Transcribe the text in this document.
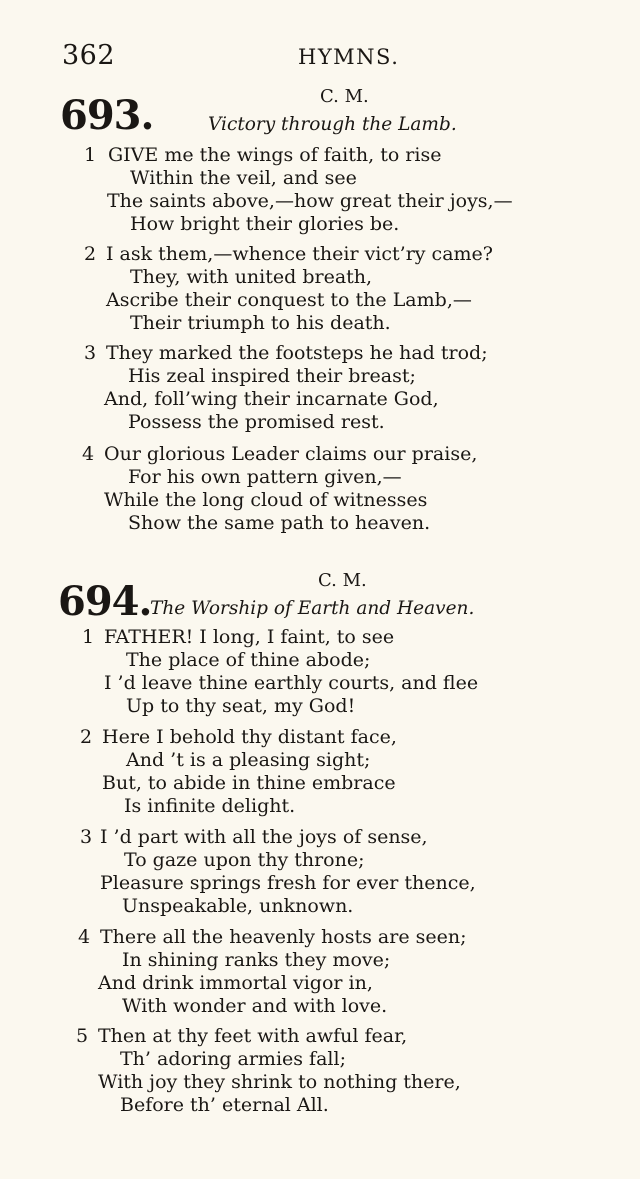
362	HYMNS.
693.	C. M.
Victory through the Lamb.
1 GIVE me the wings of faith, to rise
Within the veil, and see
The saints above,—how great their joys,—
How bright their glories be.
2 I ask them,—whence their vict’ry came?
They, with united breath,
Ascribe their conquest to the Lamb,—
Their triumph to his death.
3 They marked the footsteps he had trod;
His zeal inspired their breast;
And, foll’wing their incarnate God,
Possess the promised rest.
4 Our glorious Leader claims our praise,
For his own pattern given,—
While the long cloud of witnesses
Show the same path to heaven.
694.	C. M.
The Worship of Earth and Heaven.
1 FATHER! I long, I faint, to see
The place of thine abode;
I ’d leave thine earthly courts, and flee
Up to thy seat, my God!
2 Here I behold thy distant face,
And ’t is a pleasing sight;
But, to abide in thine embrace
Is infinite delight.
3 I ’d part with all the joys of sense,
To gaze upon thy throne;
Pleasure springs fresh for ever thence,
Unspeakable, unknown.
4 There all the heavenly hosts are seen;
In shining ranks they move;
And drink immortal vigor in,
With wonder and with love.
5 Then at thy feet with awful fear,
Th’ adoring armies fall;
With joy they shrink to nothing there,
Before th’ eternal All.
